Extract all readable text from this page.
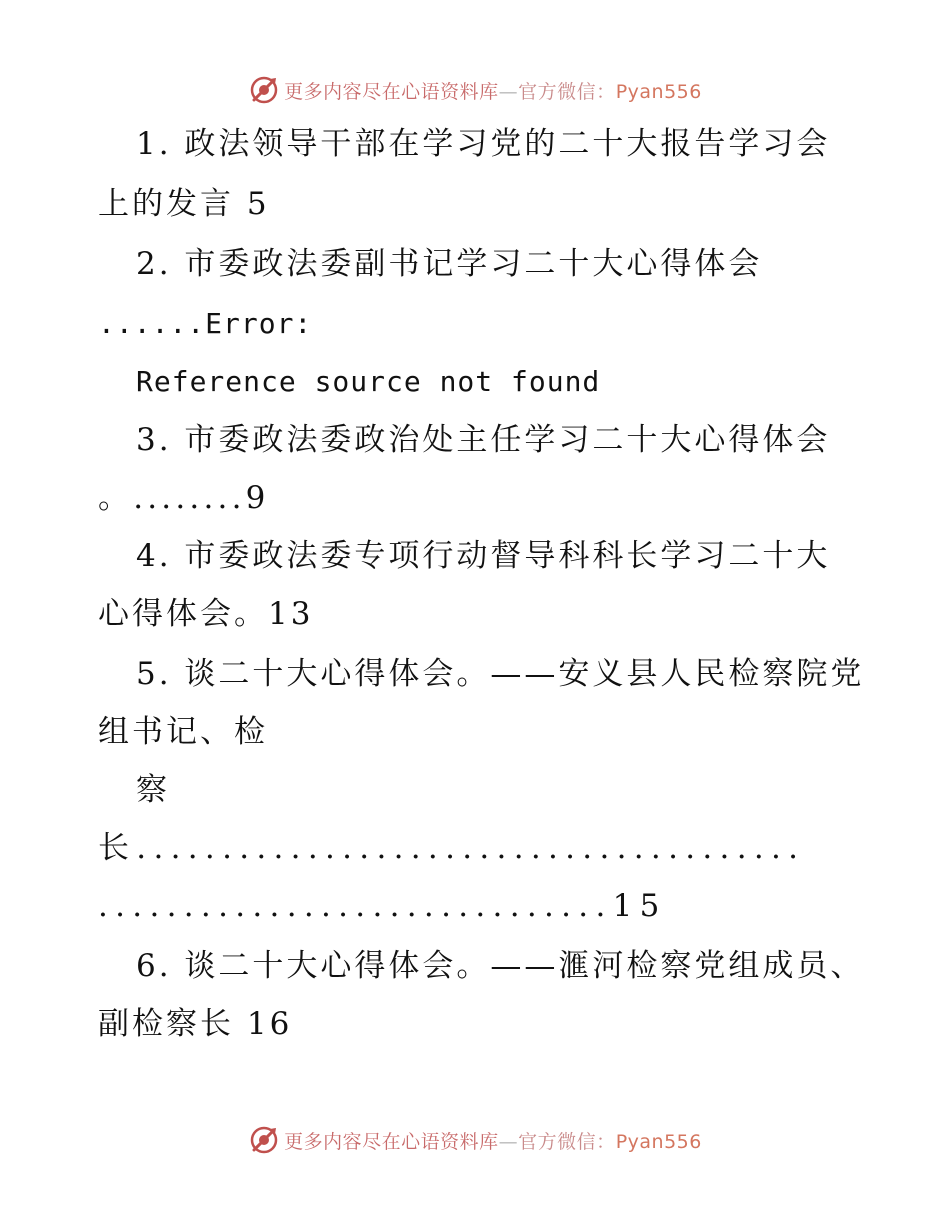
更多内容尽在心语资料库—官方微信：Pyan556
1. 政法领导干部在学习党的二十大报告学习会
上的发言 5
2. 市委政法委副书记学习二十大心得体会
......Error:
Reference source not found
3. 市委政法委政治处主任学习二十大心得体会
。........9
4. 市委政法委专项行动督导科科长学习二十大
心得体会。13
5. 谈二十大心得体会。——安义县人民检察院党
组书记、检
察
长.......................................
..............................15
6. 谈二十大心得体会。——滙河检察党组成员、
副检察长 16
更多内容尽在心语资料库—官方微信：Pyan556
